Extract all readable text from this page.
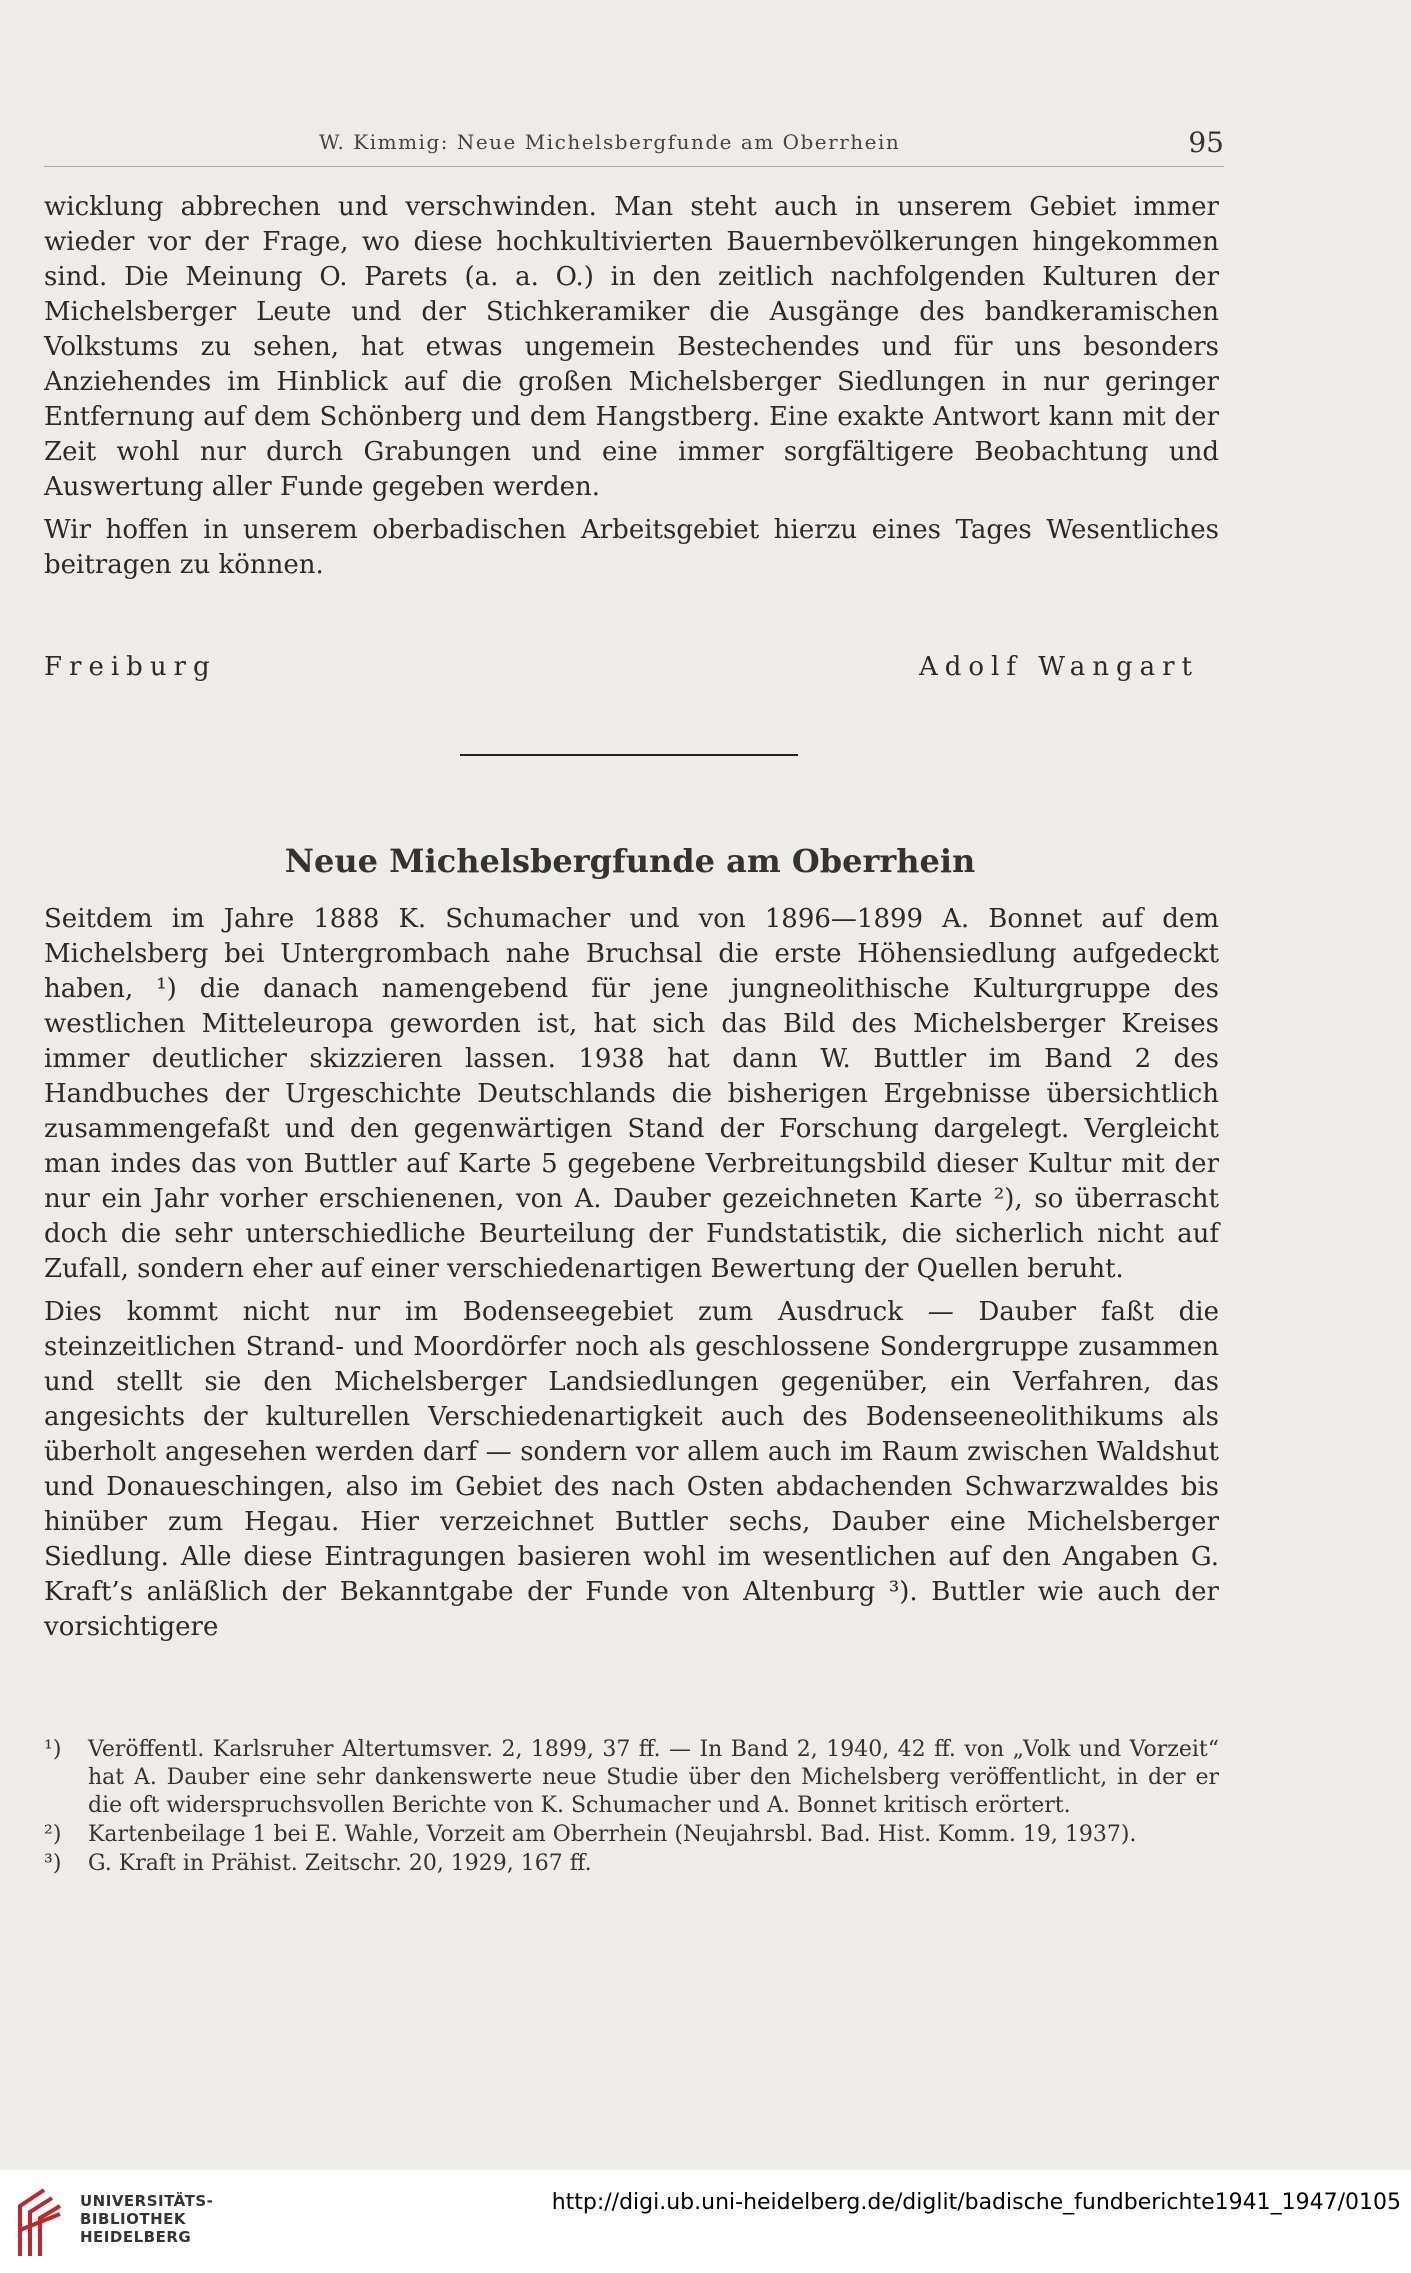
W. Kimmig: Neue Michelsbergfunde am Oberrhein	95

wicklung abbrechen und verschwinden. Man steht auch in unserem Gebiet immer wieder vor der Frage, wo diese hochkultivierten Bauernbevölkerungen hingekommen sind. Die Meinung O. Parets (a. a. O.) in den zeitlich nachfolgenden Kulturen der Michelsberger Leute und der Stichkeramiker die Ausgänge des bandkeramischen Volkstums zu sehen, hat etwas ungemein Bestechendes und für uns besonders Anziehendes im Hinblick auf die großen Michelsberger Siedlungen in nur geringer Entfernung auf dem Schönberg und dem Hangstberg. Eine exakte Antwort kann mit der Zeit wohl nur durch Grabungen und eine immer sorgfältigere Beobachtung und Auswertung aller Funde gegeben werden.

Wir hoffen in unserem oberbadischen Arbeitsgebiet hierzu eines Tages Wesentliches beitragen zu können.

Freiburg	Adolf Wangart
Neue Michelsbergfunde am Oberrhein

Seitdem im Jahre 1888 K. Schumacher und von 1896—1899 A. Bonnet auf dem Michelsberg bei Untergrombach nahe Bruchsal die erste Höhensiedlung aufgedeckt haben, ¹) die danach namengebend für jene jungneolithische Kulturgruppe des westlichen Mitteleuropa geworden ist, hat sich das Bild des Michelsberger Kreises immer deutlicher skizzieren lassen. 1938 hat dann W. Buttler im Band 2 des Handbuches der Urgeschichte Deutschlands die bisherigen Ergebnisse übersichtlich zusammengefaßt und den gegenwärtigen Stand der Forschung dargelegt. Vergleicht man indes das von Buttler auf Karte 5 gegebene Verbreitungsbild dieser Kultur mit der nur ein Jahr vorher erschienenen, von A. Dauber gezeichneten Karte ²), so überrascht doch die sehr unterschiedliche Beurteilung der Fundstatistik, die sicherlich nicht auf Zufall, sondern eher auf einer verschiedenartigen Bewertung der Quellen beruht.

Dies kommt nicht nur im Bodenseegebiet zum Ausdruck — Dauber faßt die steinzeitlichen Strand- und Moordörfer noch als geschlossene Sondergruppe zusammen und stellt sie den Michelsberger Landsiedlungen gegenüber, ein Verfahren, das angesichts der kulturellen Verschiedenartigkeit auch des Bodenseeneolithikums als überholt angesehen werden darf — sondern vor allem auch im Raum zwischen Waldshut und Donaueschingen, also im Gebiet des nach Osten abdachenden Schwarzwaldes bis hinüber zum Hegau. Hier verzeichnet Buttler sechs, Dauber eine Michelsberger Siedlung. Alle diese Eintragungen basieren wohl im wesentlichen auf den Angaben G. Kraft’s anläßlich der Bekanntgabe der Funde von Altenburg ³). Buttler wie auch der vorsichtigere

¹) Veröffentl. Karlsruher Altertumsver. 2, 1899, 37 ff. — In Band 2, 1940, 42 ff. von „Volk und Vorzeit“ hat A. Dauber eine sehr dankenswerte neue Studie über den Michelsberg veröffentlicht, in der er die oft widerspruchsvollen Berichte von K. Schumacher und A. Bonnet kritisch erörtert.
²) Kartenbeilage 1 bei E. Wahle, Vorzeit am Oberrhein (Neujahrsbl. Bad. Hist. Komm. 19, 1937).
³) G. Kraft in Prähist. Zeitschr. 20, 1929, 167 ff.
UNIVERSITÄTS-
BIBLIOTHEK
HEIDELBERG
http://digi.ub.uni-heidelberg.de/diglit/badische_fundberichte1941_1947/0105
